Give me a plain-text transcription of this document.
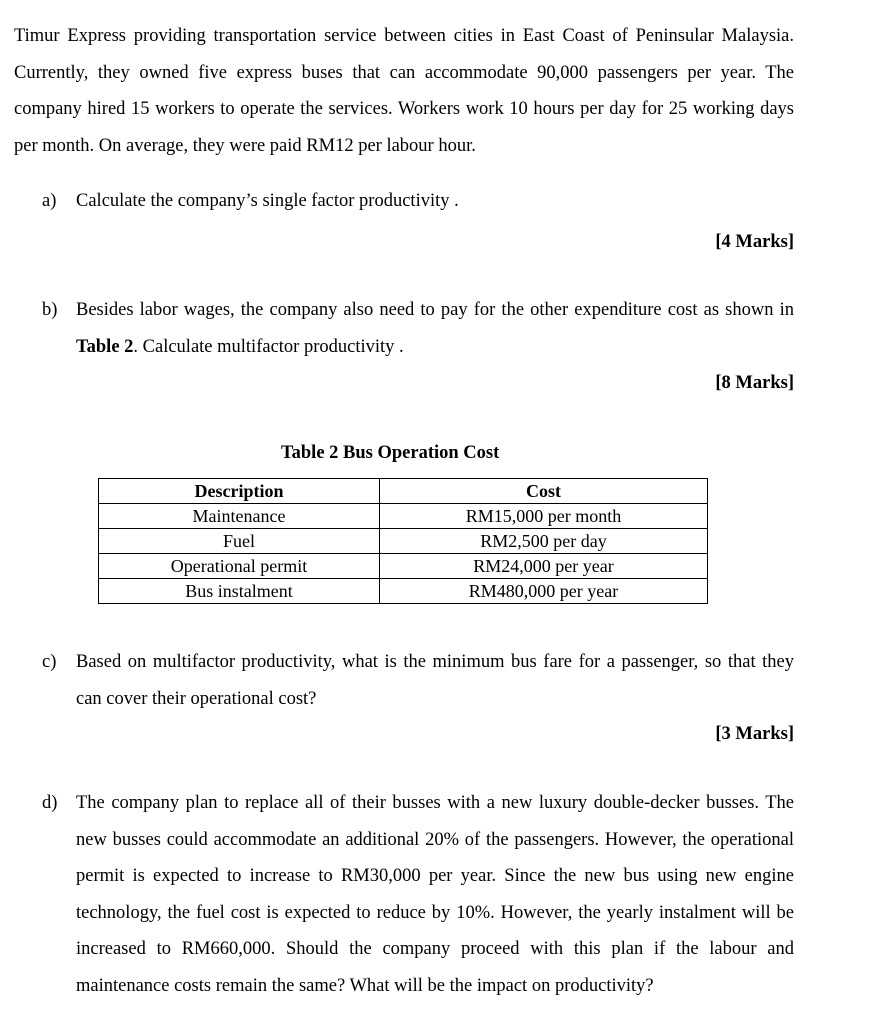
Timur Express providing transportation service between cities in East Coast of Peninsular Malaysia. Currently, they owned five express buses that can accommodate 90,000 passengers per year. The company hired 15 workers to operate the services. Workers work 10 hours per day for 25 working days per month. On average, they were paid RM12 per labour hour.

a) Calculate the company’s single factor productivity .
[4 Marks]
b) Besides labor wages, the company also need to pay for the other expenditure cost as shown in Table 2. Calculate multifactor productivity .
[8 Marks]
Table 2 Bus Operation Cost
Description	Cost
Maintenance	RM15,000 per month
Fuel	RM2,500 per day
Operational permit	RM24,000 per year
Bus instalment	RM480,000 per year
c) Based on multifactor productivity, what is the minimum bus fare for a passenger, so that they can cover their operational cost?
[3 Marks]
d) The company plan to replace all of their busses with a new luxury double-decker busses. The new busses could accommodate an additional 20% of the passengers. However, the operational permit is expected to increase to RM30,000 per year. Since the new bus using new engine technology, the fuel cost is expected to reduce by 10%. However, the yearly instalment will be increased to RM660,000. Should the company proceed with this plan if the labour and maintenance costs remain the same? What will be the impact on productivity?
